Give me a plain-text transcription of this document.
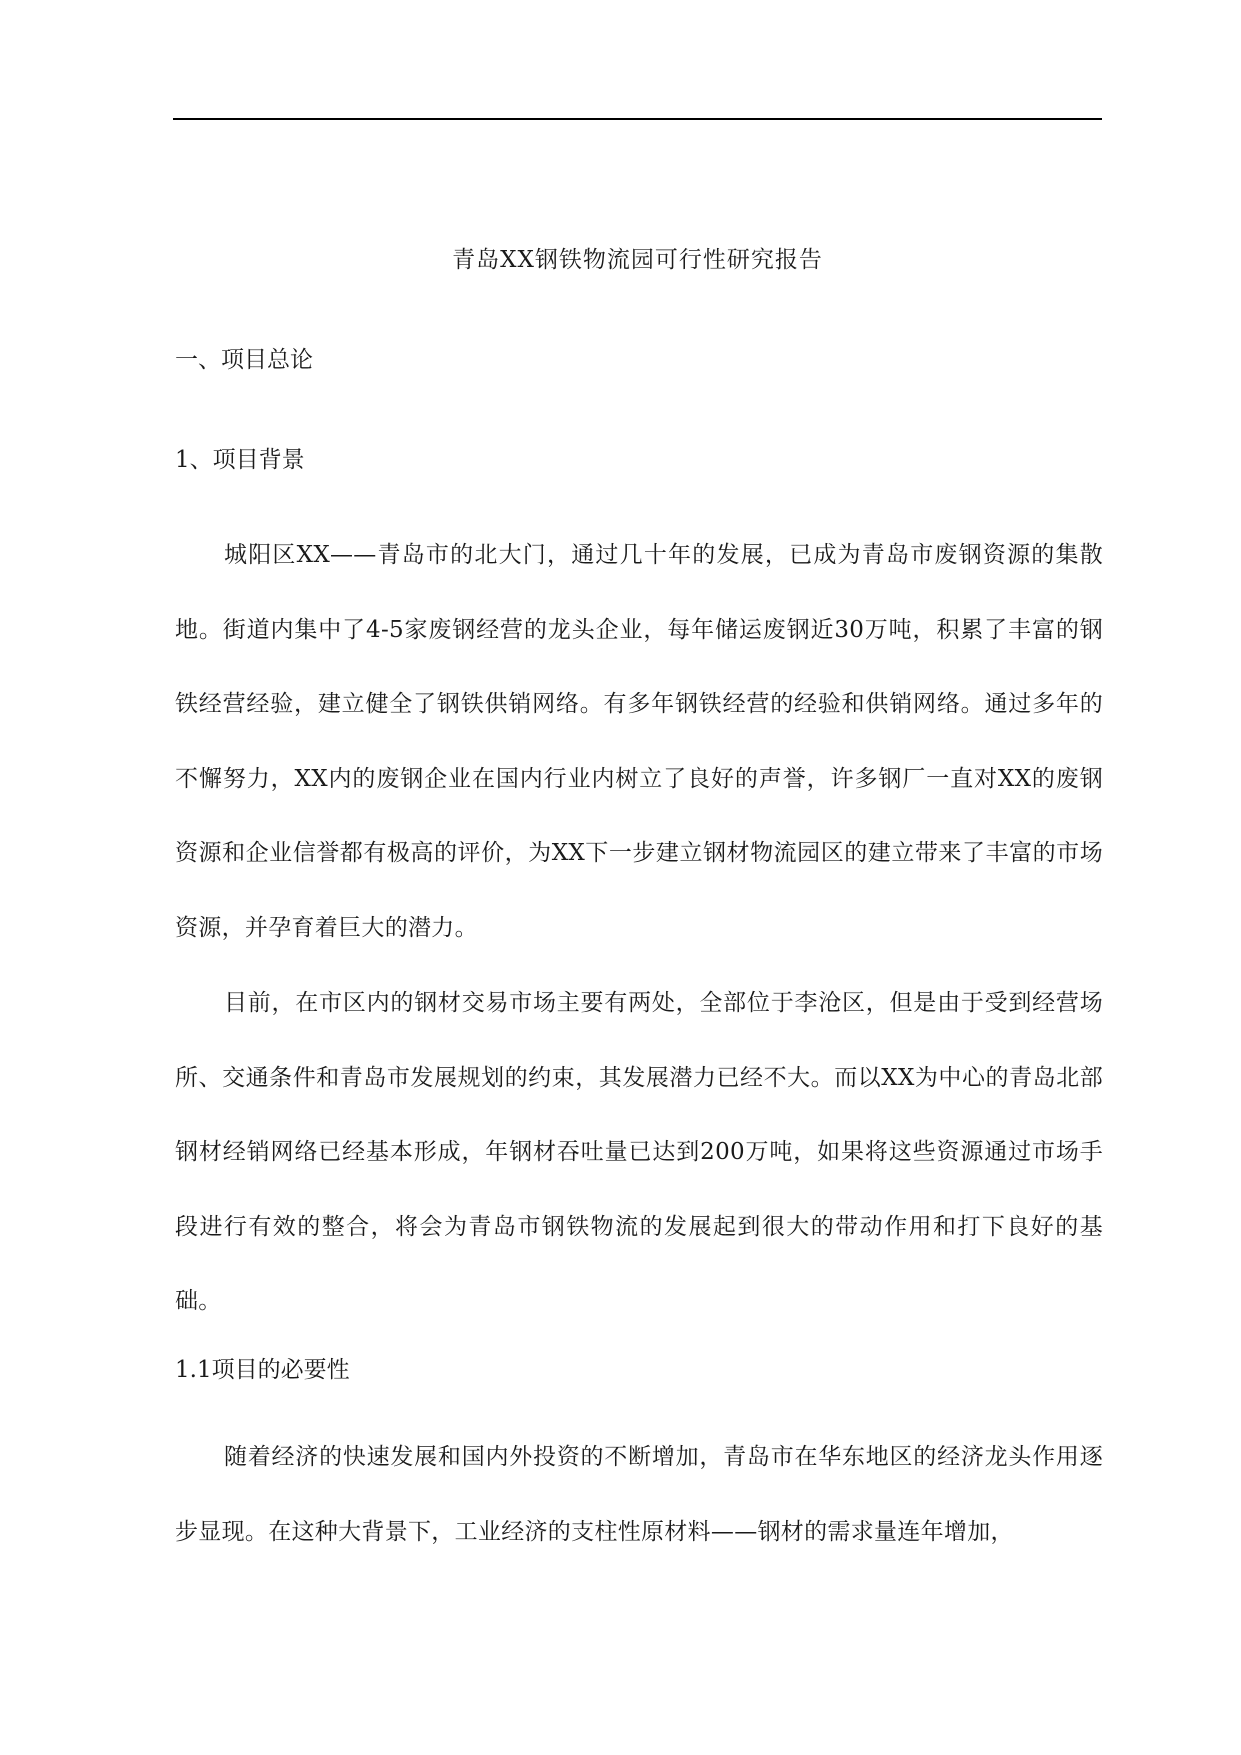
青岛XX钢铁物流园可行性研究报告
一、项目总论
1、项目背景
城阳区XX——青岛市的北大门，通过几十年的发展，已成为青岛市废钢资源的集散地。街道内集中了4-5家废钢经营的龙头企业，每年储运废钢近30万吨，积累了丰富的钢铁经营经验，建立健全了钢铁供销网络。有多年钢铁经营的经验和供销网络。通过多年的不懈努力，XX内的废钢企业在国内行业内树立了良好的声誉，许多钢厂一直对XX的废钢资源和企业信誉都有极高的评价，为XX下一步建立钢材物流园区的建立带来了丰富的市场资源，并孕育着巨大的潜力。
目前，在市区内的钢材交易市场主要有两处，全部位于李沧区，但是由于受到经营场所、交通条件和青岛市发展规划的约束，其发展潜力已经不大。而以XX为中心的青岛北部钢材经销网络已经基本形成，年钢材吞吐量已达到200万吨，如果将这些资源通过市场手段进行有效的整合，将会为青岛市钢铁物流的发展起到很大的带动作用和打下良好的基础。
1.1项目的必要性
随着经济的快速发展和国内外投资的不断增加，青岛市在华东地区的经济龙头作用逐步显现。在这种大背景下，工业经济的支柱性原材料——钢材的需求量连年增加，
